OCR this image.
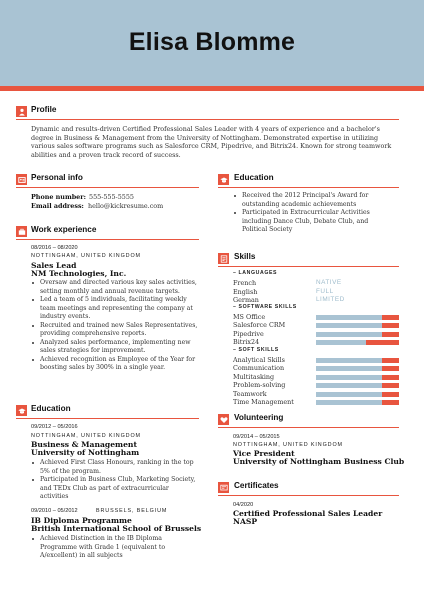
Elisa Blomme
Profile
Dynamic and results-driven Certified Professional Sales Leader with 4 years of experience and a bachelor's degree in Business & Management from the University of Nottingham. Demonstrated expertise in utilizing various sales software programs such as Salesforce CRM, Pipedrive, and Bitrix24. Known for strong teamwork abilities and a proven track record of success.
Personal info
Phone number: 555-555-5555
Email address: hello@kickresume.com
Work experience
08/2016 – 08/2020
NOTTINGHAM, UNITED KINGDOM
Sales Lead
NM Technologies, Inc.
Oversaw and directed various key sales activities, setting monthly and annual revenue targets.
Led a team of 5 individuals, facilitating weekly team meetings and representing the company at industry events.
Recruited and trained new Sales Representatives, providing comprehensive reports.
Analyzed sales performance, implementing new sales strategies for improvement.
Achieved recognition as Employee of the Year for boosting sales by 300% in a single year.
Education
09/2012 – 05/2016
NOTTINGHAM, UNITED KINGDOM
Business & Management
University of Nottingham
Achieved First Class Honours, ranking in the top 5% of the program.
Participated in Business Club, Marketing Society, and TEDx Club as part of extracurricular activities
09/2010 – 05/2012	BRUSSELS, BELGIUM
IB Diploma Programme
British International School of Brussels
Achieved Distinction in the IB Diploma Programme with Grade 1 (equivalent to A/excellent) in all subjects
Education
Received the 2012 Principal's Award for outstanding academic achievements
Participated in Extracurricular Activities including Dance Club, Debate Club, and Political Society
Skills
– LANGUAGES
French	NATIVE
English	FULL
German	LIMITED
– SOFTWARE SKILLS
MS Office
Salesforce CRM
Pipedrive
Bitrix24
– SOFT SKILLS
Analytical Skills
Communication
Multitasking
Problem-solving
Teamwork
Time Management
Volunteering
09/2014 – 05/2015
NOTTINGHAM, UNITED KINGDOM
Vice President
University of Nottingham Business Club
Certificates
04/2020
Certified Professional Sales Leader
NASP
